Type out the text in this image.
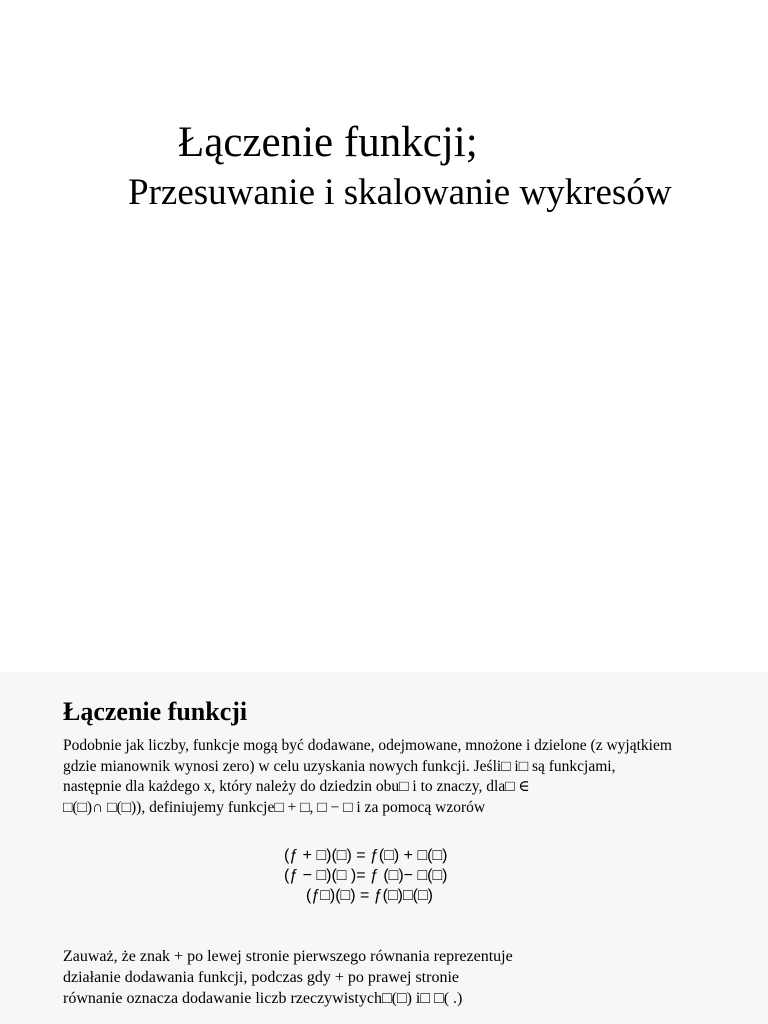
Łączenie funkcji;
Przesuwanie i skalowanie wykresów
Łączenie funkcji
Podobnie jak liczby, funkcje mogą być dodawane, odejmowane, mnożone i dzielone (z wyjątkiem
gdzie mianownik wynosi zero) w celu uzyskania nowych funkcji. Jeśli□ i□ są funkcjami,
następnie dla każdego x, który należy do dziedzin obu□ i to znaczy, dla□ ∈
□(□)∩ □(□)), definiujemy funkcje□ + □, □ − □ i za pomocą wzorów
(ƒ + □)(□) = ƒ(□) + □(□)
(ƒ − □)(□ )= ƒ (□)− □(□)
(ƒ□)(□) = ƒ(□)□(□)
Zauważ, że znak + po lewej stronie pierwszego równania reprezentuje
działanie dodawania funkcji, podczas gdy + po prawej stronie
równanie oznacza dodawanie liczb rzeczywistych□(□) i□ □( .)
